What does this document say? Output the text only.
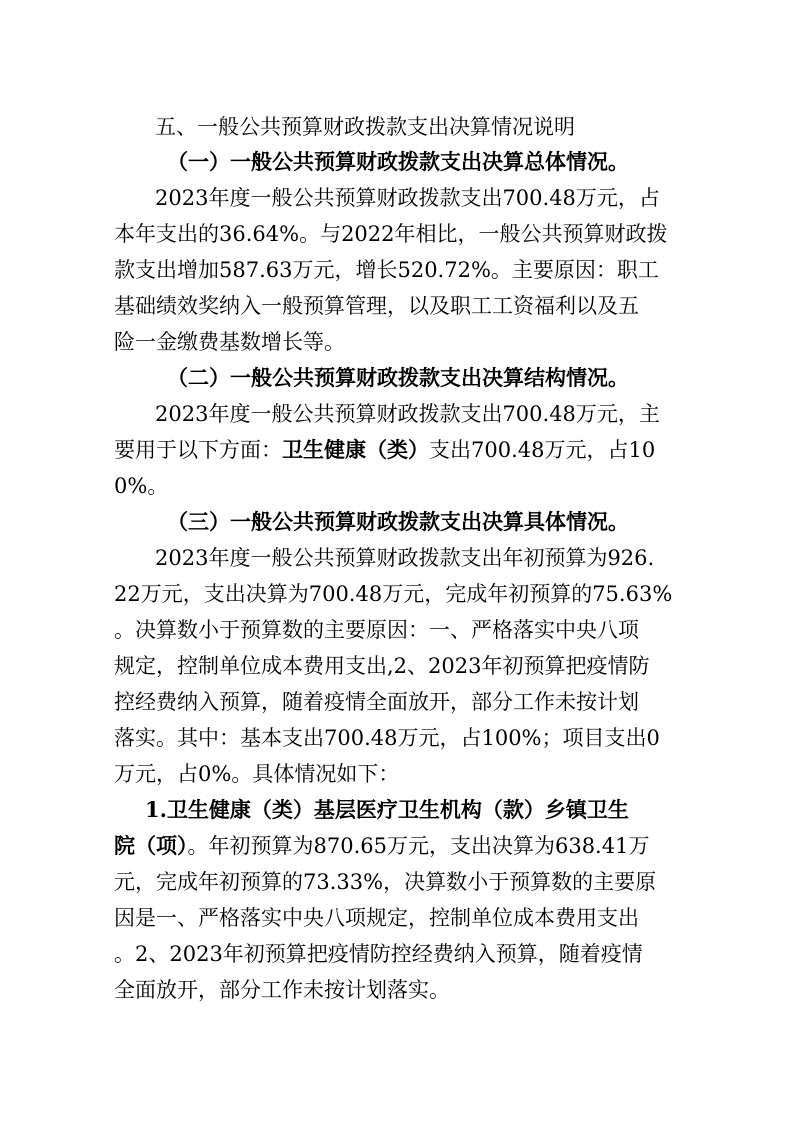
五、一般公共预算财政拨款支出决算情况说明
（一）一般公共预算财政拨款支出决算总体情况。
2023年度一般公共预算财政拨款支出700.48万元，占
本年支出的36.64%。与2022年相比，一般公共预算财政拨
款支出增加587.63万元，增长520.72%。主要原因：职工
基础绩效奖纳入一般预算管理，以及职工工资福利以及五
险一金缴费基数增长等。
（二）一般公共预算财政拨款支出决算结构情况。
2023年度一般公共预算财政拨款支出700.48万元，主
要用于以下方面：卫生健康（类）支出700.48万元，占10
0%。
（三）一般公共预算财政拨款支出决算具体情况。
2023年度一般公共预算财政拨款支出年初预算为926.
22万元，支出决算为700.48万元，完成年初预算的75.63%
。决算数小于预算数的主要原因：一、严格落实中央八项
规定，控制单位成本费用支出,2、2023年初预算把疫情防
控经费纳入预算，随着疫情全面放开，部分工作未按计划
落实。其中：基本支出700.48万元，占100%；项目支出0
万元，占0%。具体情况如下：
1.卫生健康（类）基层医疗卫生机构（款）乡镇卫生
院（项）。年初预算为870.65万元，支出决算为638.41万
元，完成年初预算的73.33%，决算数小于预算数的主要原
因是一、严格落实中央八项规定，控制单位成本费用支出
。2、2023年初预算把疫情防控经费纳入预算，随着疫情
全面放开，部分工作未按计划落实。
